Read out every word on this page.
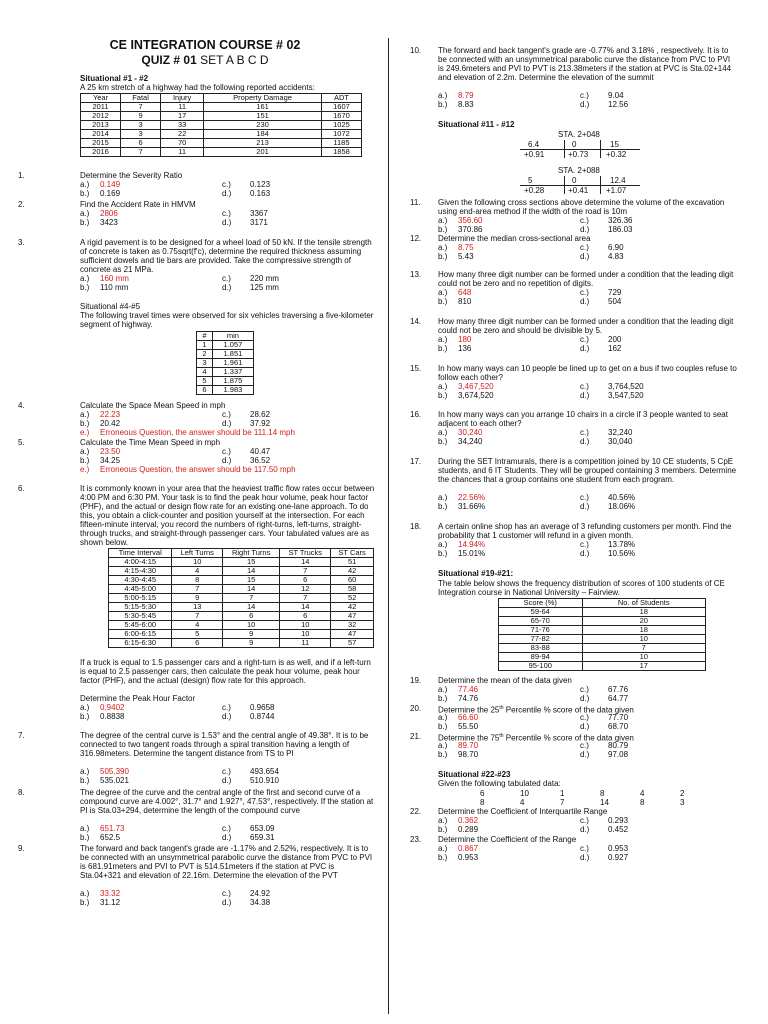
CE INTEGRATION COURSE # 02
QUIZ # 01 SET A B C D
Situational #1 - #2
A 25 km stretch of a highway had the following reported accidents:
Year	Fatal	Injury	Property Damage	ADT
2011	7	11	161	1607
2012	9	17	151	1670
2013	3	33	230	1025
2014	3	22	184	1072
2015	6	70	213	1185
2016	7	11	201	1858
1.	Determine the Severity Ratio
a.) 0.149	c.) 0.123
b.) 0.169	d.) 0.163
2.	Find the Accident Rate in HMVM
a.) 2806	c.) 3367
b.) 3423	d.) 3171
3.	A rigid pavement is to be designed for a wheel load of 50 kN. If the tensile strength of concrete is taken as 0.75sqrt(f'c), determine the required thickness assuming sufficient dowels and tie bars are provided. Take the compressive strength of concrete as 21 MPa.
a.) 160 mm	c.) 220 mm
b.) 110 mm	d.) 125 mm
Situational #4-#5
The following travel times were observed for six vehicles traversing a five-kilometer segment of highway.
#	min
1	1.057
2	1.851
3	1.961
4	1.337
5	1.875
6	1.983
4.	Calculate the Space Mean Speed in mph
a.) 22.23	c.) 28.62
b.) 20.42	d.) 37.92
e.) Erroneous Question, the answer should be 111.14 mph
5.	Calculate the Time Mean Speed in mph
a.) 23.50	c.) 40.47
b.) 34.25	d.) 36.52
e.) Erroneous Question, the answer should be 117.50 mph
6.	It is commonly known in your area that the heaviest traffic flow rates occur between 4:00 PM and 6:30 PM. Your task is to find the peak hour volume, peak hour factor (PHF), and the actual or design flow rate for an existing one-lane approach. To do this, you obtain a click-counter and position yourself at the intersection. For each fifteen-minute interval, you record the numbers of right-turns, left-turns, straight-through trucks, and straight-through passenger cars. Your tabulated values are as shown below.
Time Interval	Left Turns	Right Turns	ST Trucks	ST Cars
4:00-4:15	10	15	14	51
4:15-4:30	4	14	7	42
4:30-4:45	8	15	6	60
4:45-5:00	7	14	12	58
5:00-5:15	9	7	7	52
5:15-5:30	13	14	14	42
5:30-5:45	7	6	6	47
5:45-6:00	4	10	10	32
6:00-6:15	5	9	10	47
6:15-6:30	6	9	11	57
If a truck is equal to 1.5 passenger cars and a right-turn is as well, and if a left-turn is equal to 2.5 passenger cars, then calculate the peak hour volume, peak hour factor (PHF), and the actual (design) flow rate for this approach.
Determine the Peak Hour Factor
a.) 0.9402	c.) 0.9658
b.) 0.8838	d.) 0.8744
7.	The degree of the central curve is 1.53° and the central angle of 49.38°. It is to be connected to two tangent roads through a spiral transition having a length of 316.98meters. Determine the tangent distance from TS to PI
a.) 505.390	c.) 493.654
b.) 535.021	d.) 510.910
8.	The degree of the curve and the central angle of the first and second curve of a compound curve are 4.002°, 31.7° and 1.927°, 47.53°, respectively. If the station at PI is Sta.03+294, determine the length of the compound curve
a.) 651.73	c.) 653.09
b.) 652.5	d.) 659.31
9.	The forward and back tangent's grade are -1.17% and 2.52%, respectively. It is to be connected with an unsymmetrical parabolic curve the distance from PVC to PVI is 681.91meters and PVI to PVT is 514.51meters if the station at PVC is Sta.04+321 and elevation of 22.16m. Determine the elevation of the PVT
a.) 33.32	c.) 24.92
b.) 31.12	d.) 34.38
10. The forward and back tangent's grade are -0.77% and 3.18% , respectively. It is to be connected with an unsymmetrical parabolic curve the distance from PVC to PVI is 249.6meters and PVI to PVT is 213.38meters if the station at PVC is Sta.02+144 and elevation of 2.2m. Determine the elevation of the summit
a.) 8.79	c.) 9.04
b.) 8.83	d.) 12.56
Situational #11 - #12
STA. 2+048
6.4	0	15
+0.91	+0.73 +0.32
STA. 2+088
5	0	12.4
+0.28	+0.41 +1.07
11. Given the following cross sections above determine the volume of the excavation using end-area method if the width of the road is 10m
a.) 356.60	c.) 326.36
b.) 370.86	d.) 186.03
12. Determine the median cross-sectional area
a.) 8.75	c.) 6.90
b.) 5.43	d.) 4.83
13. How many three digit number can be formed under a condition that the leading digit could not be zero and no repetition of digits.
a.) 648	c.) 729
b.) 810	d.) 504
14. How many three digit number can be formed under a condition that the leading digit could not be zero and should be divisible by 5.
a.) 180	c.) 200
b.) 136	d.) 162
15. In how many ways can 10 people be lined up to get on a bus if two couples refuse to follow each other?
a.) 3,467,520	c.) 3,764,520
b.) 3,674,520	d.) 3,547,520
16. In how many ways can you arrange 10 chairs in a circle if 3 people wanted to seat adjacent to each other?
a.) 30,240	c.) 32,240
b.) 34,240	d.) 30,040
17. During the SET Intramurals, there is a competition joined by 10 CE students, 5 CpE students, and 6 IT Students. They will be grouped containing 3 members. Determine the chances that a group contains one student from each program.
a.) 22.56%	c.) 40.56%
b.) 31.66%	d.) 18.06%
18. A certain online shop has an average of 3 refunding customers per month. Find the probability that 1 customer will refund in a given month.
a.) 14.94%	c.) 13.78%
b.) 15.01%	d.) 10.56%
Situational #19-#21:
The table below shows the frequency distribution of scores of 100 students of CE Integration course in National University – Fairview.
Score (%)	No. of Students
59-64	18
65-70	20
71-76	18
77-82	10
83-88	7
89-94	10
95-100	17
19. Determine the mean of the data given
a.) 77.46	c.) 67.76
b.) 74.76	d.) 64.77
20. Determine the 25th Percentile % score of the data given
a.) 66.60	c.) 77.70
b.) 55.50	d.) 68.70
21. Determine the 75th Percentile % score of the data given
a.) 89.70	c.) 80.79
b.) 98.70	d.) 97.08
Situational #22-#23
Given the following tabulated data:
6	10	1	8	4	2
8	4	7	14	8	3
22. Determine the Coefficient of Interquartile Range
a.) 0.362	c.) 0.293
b.) 0.289	d.) 0.452
23. Determine the Coefficient of the Range
a.) 0.867	c.) 0.953
b.) 0.953	d.) 0.927
